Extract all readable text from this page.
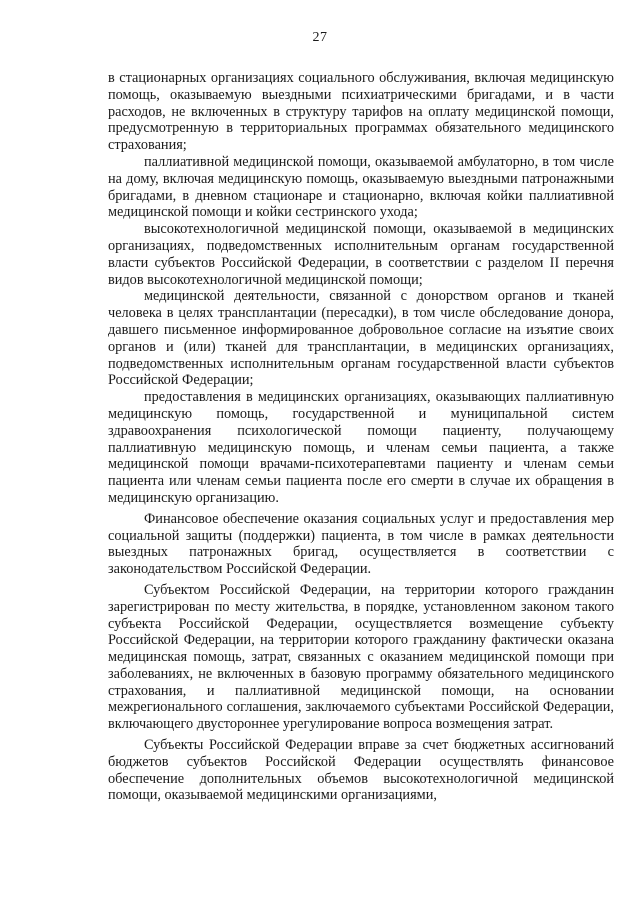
27

в стационарных организациях социального обслуживания, включая медицинскую помощь, оказываемую выездными психиатрическими бригадами, и в части расходов, не включенных в структуру тарифов на оплату медицинской помощи, предусмотренную в территориальных программах обязательного медицинского страхования;

паллиативной медицинской помощи, оказываемой амбулаторно, в том числе на дому, включая медицинскую помощь, оказываемую выездными патронажными бригадами, в дневном стационаре и стационарно, включая койки паллиативной медицинской помощи и койки сестринского ухода;

высокотехнологичной медицинской помощи, оказываемой в медицинских организациях, подведомственных исполнительным органам государственной власти субъектов Российской Федерации, в соответствии с разделом II перечня видов высокотехнологичной медицинской помощи;

медицинской деятельности, связанной с донорством органов и тканей человека в целях трансплантации (пересадки), в том числе обследование донора, давшего письменное информированное добровольное согласие на изъятие своих органов и (или) тканей для трансплантации, в медицинских организациях, подведомственных исполнительным органам государственной власти субъектов Российской Федерации;

предоставления в медицинских организациях, оказывающих паллиативную медицинскую помощь, государственной и муниципальной систем здравоохранения психологической помощи пациенту, получающему паллиативную медицинскую помощь, и членам семьи пациента, а также медицинской помощи врачами-психотерапевтами пациенту и членам семьи пациента или членам семьи пациента после его смерти в случае их обращения в медицинскую организацию.

Финансовое обеспечение оказания социальных услуг и предоставления мер социальной защиты (поддержки) пациента, в том числе в рамках деятельности выездных патронажных бригад, осуществляется в соответствии с законодательством Российской Федерации.

Субъектом Российской Федерации, на территории которого гражданин зарегистрирован по месту жительства, в порядке, установленном законом такого субъекта Российской Федерации, осуществляется возмещение субъекту Российской Федерации, на территории которого гражданину фактически оказана медицинская помощь, затрат, связанных с оказанием медицинской помощи при заболеваниях, не включенных в базовую программу обязательного медицинского страхования, и паллиативной медицинской помощи, на основании межрегионального соглашения, заключаемого субъектами Российской Федерации, включающего двустороннее урегулирование вопроса возмещения затрат.

Субъекты Российской Федерации вправе за счет бюджетных ассигнований бюджетов субъектов Российской Федерации осуществлять финансовое обеспечение дополнительных объемов высокотехнологичной медицинской помощи, оказываемой медицинскими организациями,
